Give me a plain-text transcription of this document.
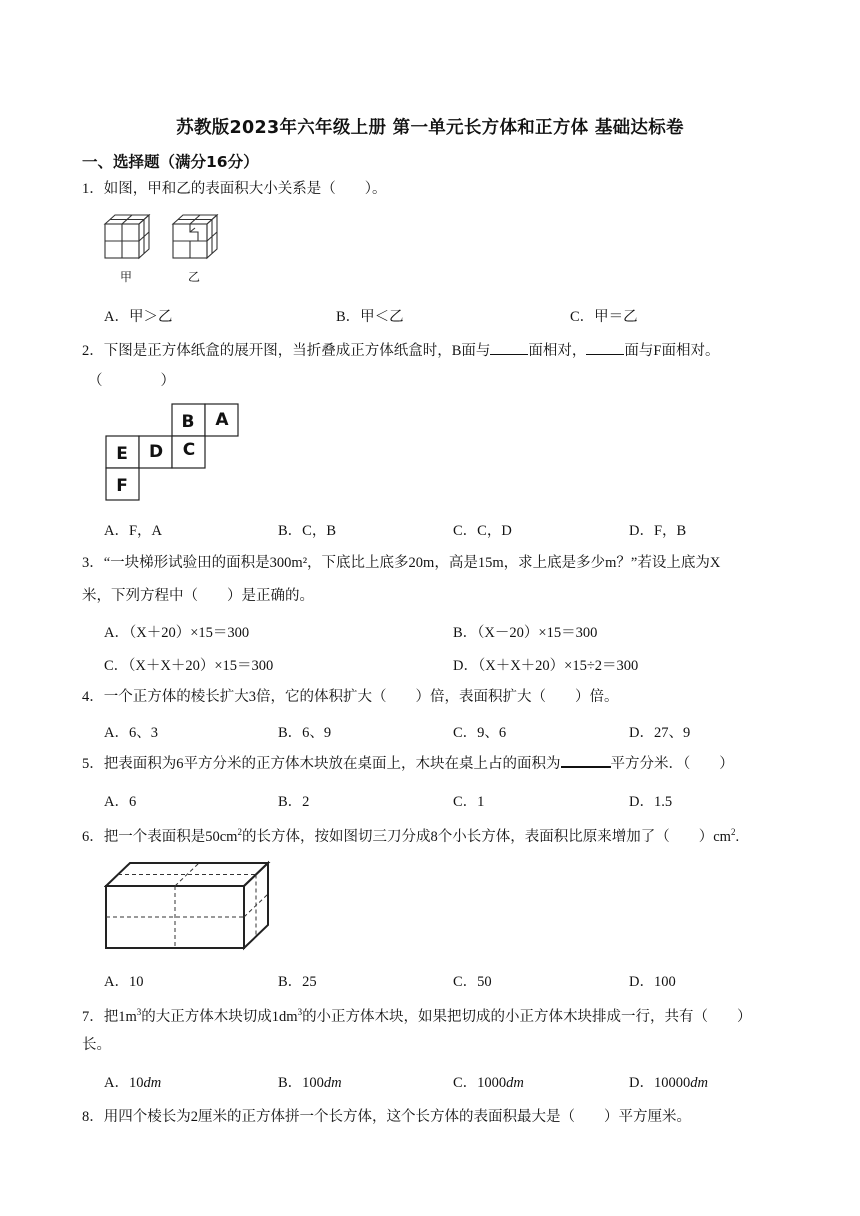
苏教版2023年六年级上册 第一单元长方体和正方体 基础达标卷
一、选择题（满分16分）
1．如图，甲和乙的表面积大小关系是（　　）。
甲	乙
A．甲＞乙	B．甲＜乙	C．甲＝乙
2．下图是正方体纸盒的展开图，当折叠成正方体纸盒时，B面与	面相对，	面与F面相对。
（　　　　）
B A
E D C
F
A．F，A	B．C，B	C．C，D	D．F，B
3．“一块梯形试验田的面积是300m²，下底比上底多20m，高是15m，求上底是多少m？”若设上底为X
米，下列方程中（　　）是正确的。
A．（X＋20）×15＝300	B．（X－20）×15＝300
C．（X＋X＋20）×15＝300	D．（X＋X＋20）×15÷2＝300
4．一个正方体的棱长扩大3倍，它的体积扩大（　　）倍，表面积扩大（　　）倍。
A．6、3	B．6、9	C．9、6	D．27、9
5．把表面积为6平方分米的正方体木块放在桌面上，木块在桌上占的面积为	平方分米．（　　）
A．6	B．2	C．1	D．1.5
6．把一个表面积是$50cm^2$的长方体，按如图切三刀分成8个小长方体，表面积比原来增加了（　　）$cm^2$.
A．10	B．25	C．50	D．100
7．把$1m^3$的大正方体木块切成$1dm^3$的小正方体木块，如果把切成的小正方体木块排成一行，共有（　　）
长。
A．10dm	B．100dm	C．1000dm	D．10000dm
8．用四个棱长为2厘米的正方体拼一个长方体，这个长方体的表面积最大是（　　）平方厘米。
